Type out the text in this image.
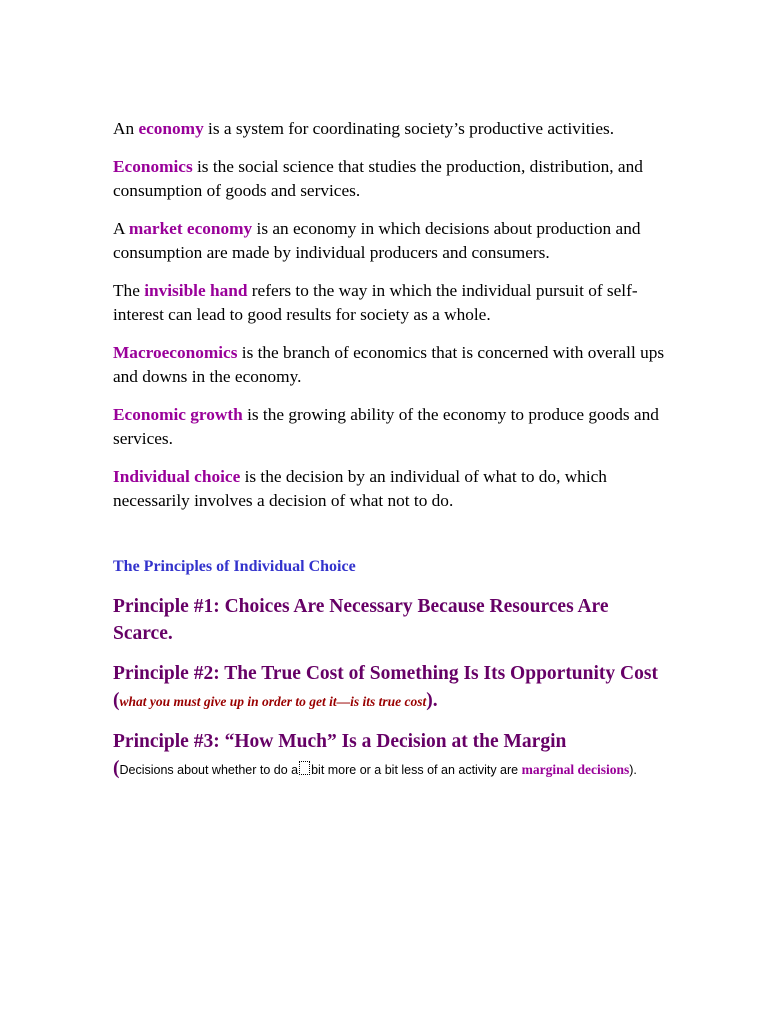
An economy is a system for coordinating society’s productive activities.

Economics is the social science that studies the production, distribution, and consumption of goods and services.

A market economy is an economy in which decisions about production and consumption are made by individual producers and consumers.

The invisible hand refers to the way in which the individual pursuit of self- interest can lead to good results for society as a whole.

Macroeconomics is the branch of economics that is concerned with overall ups and downs in the economy.

Economic growth is the growing ability of the economy to produce goods and services.

Individual choice is the decision by an individual of what to do, which necessarily involves a decision of what not to do.

The Principles of Individual Choice

Principle #1: Choices Are Necessary Because Resources Are Scarce.

Principle #2: The True Cost of Something Is Its Opportunity Cost (what you must give up in order to get it—is its true cost).

Principle #3: “How Much” Is a Decision at the Margin
(Decisions about whether to do a bit more or a bit less of an activity are marginal decisions).
